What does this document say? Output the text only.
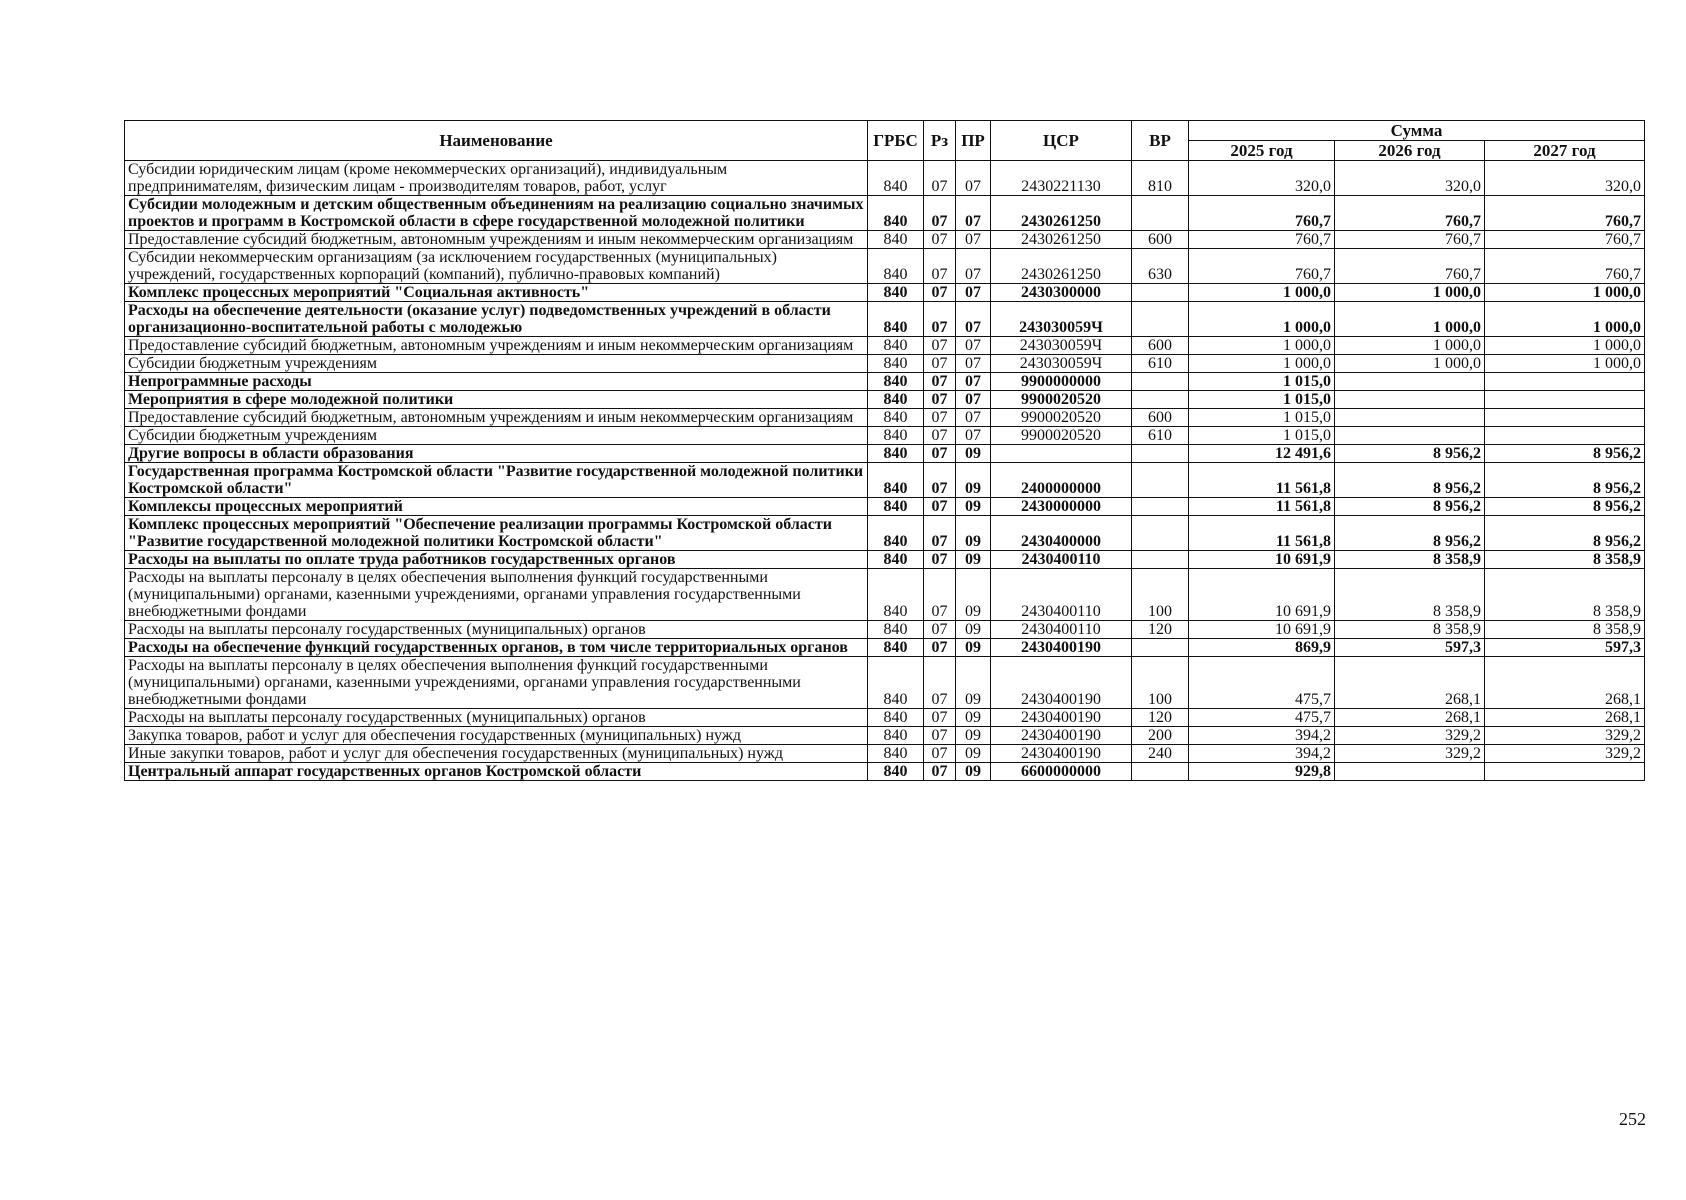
Наименование	ГРБС	Рз	ПР	ЦСР	ВР	Сумма		
						2025 год	2026 год	2027 год
Субсидии юридическим лицам (кроме некоммерческих организаций), индивидуальным предпринимателям, физическим лицам - производителям товаров, работ, услуг	840	07	07	2430221130	810	320,0	320,0	320,0
Субсидии молодежным и детским общественным объединениям на реализацию социально значимых проектов и программ в Костромской области в сфере государственной молодежной политики	840	07	07	2430261250		760,7	760,7	760,7
Предоставление субсидий бюджетным, автономным учреждениям и иным некоммерческим организациям	840	07	07	2430261250	600	760,7	760,7	760,7
Субсидии некоммерческим организациям (за исключением государственных (муниципальных) учреждений, государственных корпораций (компаний), публично-правовых компаний)	840	07	07	2430261250	630	760,7	760,7	760,7
Комплекс процессных мероприятий "Социальная активность"	840	07	07	2430300000		1 000,0	1 000,0	1 000,0
Расходы на обеспечение деятельности (оказание услуг) подведомственных учреждений в области организационно-воспитательной работы с молодежью	840	07	07	243030059Ч		1 000,0	1 000,0	1 000,0
Предоставление субсидий бюджетным, автономным учреждениям и иным некоммерческим организациям	840	07	07	243030059Ч	600	1 000,0	1 000,0	1 000,0
Субсидии бюджетным учреждениям	840	07	07	243030059Ч	610	1 000,0	1 000,0	1 000,0
Непрограммные расходы	840	07	07	9900000000		1 015,0		
Мероприятия в сфере молодежной политики	840	07	07	9900020520		1 015,0		
Предоставление субсидий бюджетным, автономным учреждениям и иным некоммерческим организациям	840	07	07	9900020520	600	1 015,0		
Субсидии бюджетным учреждениям	840	07	07	9900020520	610	1 015,0		
Другие вопросы в области образования	840	07	09			12 491,6	8 956,2	8 956,2
Государственная программа Костромской области "Развитие государственной молодежной политики Костромской области"	840	07	09	2400000000		11 561,8	8 956,2	8 956,2
Комплексы процессных мероприятий	840	07	09	2430000000		11 561,8	8 956,2	8 956,2
Комплекс процессных мероприятий "Обеспечение реализации программы Костромской области "Развитие государственной молодежной политики Костромской области"	840	07	09	2430400000		11 561,8	8 956,2	8 956,2
Расходы на выплаты по оплате труда работников государственных органов	840	07	09	2430400110		10 691,9	8 358,9	8 358,9
Расходы на выплаты персоналу в целях обеспечения выполнения функций государственными (муниципальными) органами, казенными учреждениями, органами управления государственными внебюджетными фондами	840	07	09	2430400110	100	10 691,9	8 358,9	8 358,9
Расходы на выплаты персоналу государственных (муниципальных) органов	840	07	09	2430400110	120	10 691,9	8 358,9	8 358,9
Расходы на обеспечение функций государственных органов, в том числе территориальных органов	840	07	09	2430400190		869,9	597,3	597,3
Расходы на выплаты персоналу в целях обеспечения выполнения функций государственными (муниципальными) органами, казенными учреждениями, органами управления государственными внебюджетными фондами	840	07	09	2430400190	100	475,7	268,1	268,1
Расходы на выплаты персоналу государственных (муниципальных) органов	840	07	09	2430400190	120	475,7	268,1	268,1
Закупка товаров, работ и услуг для обеспечения государственных (муниципальных) нужд	840	07	09	2430400190	200	394,2	329,2	329,2
Иные закупки товаров, работ и услуг для обеспечения государственных (муниципальных) нужд	840	07	09	2430400190	240	394,2	329,2	329,2
Центральный аппарат государственных органов Костромской области	840	07	09	6600000000		929,8		
252
